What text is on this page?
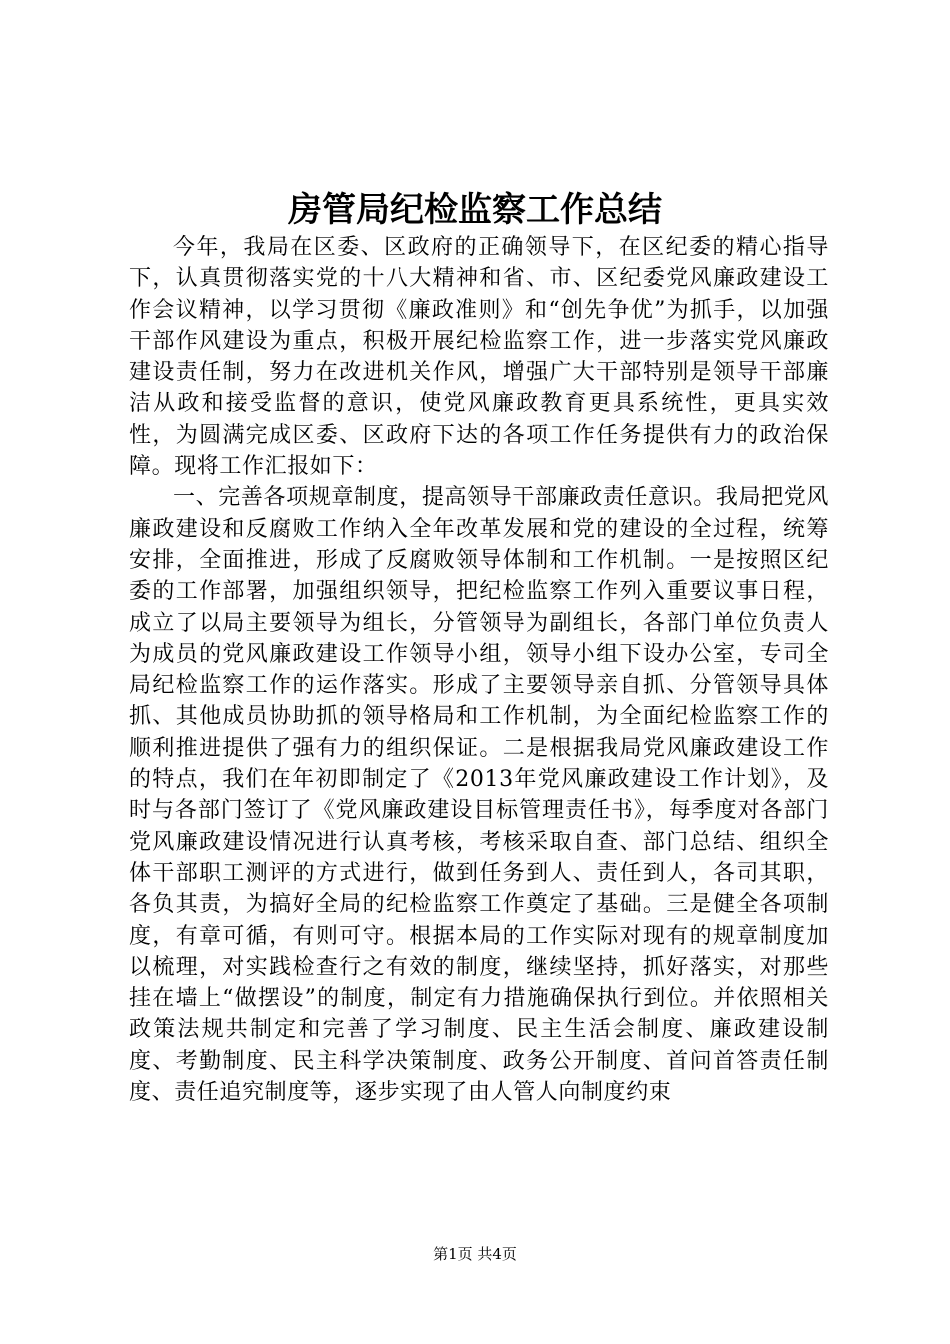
房管局纪检监察工作总结

今年，我局在区委、区政府的正确领导下，在区纪委的精心指导下，认真贯彻落实党的十八大精神和省、市、区纪委党风廉政建设工作会议精神，以学习贯彻《廉政准则》和“创先争优”为抓手，以加强干部作风建设为重点，积极开展纪检监察工作，进一步落实党风廉政建设责任制，努力在改进机关作风，增强广大干部特别是领导干部廉洁从政和接受监督的意识，使党风廉政教育更具系统性，更具实效性，为圆满完成区委、区政府下达的各项工作任务提供有力的政治保障。现将工作汇报如下：

一、完善各项规章制度，提高领导干部廉政责任意识。我局把党风廉政建设和反腐败工作纳入全年改革发展和党的建设的全过程，统筹安排，全面推进，形成了反腐败领导体制和工作机制。一是按照区纪委的工作部署，加强组织领导，把纪检监察工作列入重要议事日程，成立了以局主要领导为组长，分管领导为副组长，各部门单位负责人为成员的党风廉政建设工作领导小组，领导小组下设办公室，专司全局纪检监察工作的运作落实。形成了主要领导亲自抓、分管领导具体抓、其他成员协助抓的领导格局和工作机制，为全面纪检监察工作的顺利推进提供了强有力的组织保证。二是根据我局党风廉政建设工作的特点，我们在年初即制定了《2013年党风廉政建设工作计划》，及时与各部门签订了《党风廉政建设目标管理责任书》，每季度对各部门党风廉政建设情况进行认真考核，考核采取自查、部门总结、组织全体干部职工测评的方式进行，做到任务到人、责任到人，各司其职，各负其责，为搞好全局的纪检监察工作奠定了基础。三是健全各项制度，有章可循，有则可守。根据本局的工作实际对现有的规章制度加以梳理，对实践检查行之有效的制度，继续坚持，抓好落实，对那些挂在墙上“做摆设”的制度，制定有力措施确保执行到位。并依照相关政策法规共制定和完善了学习制度、民主生活会制度、廉政建设制度、考勤制度、民主科学决策制度、政务公开制度、首问首答责任制度、责任追究制度等，逐步实现了由人管人向制度约束

第1页 共4页
